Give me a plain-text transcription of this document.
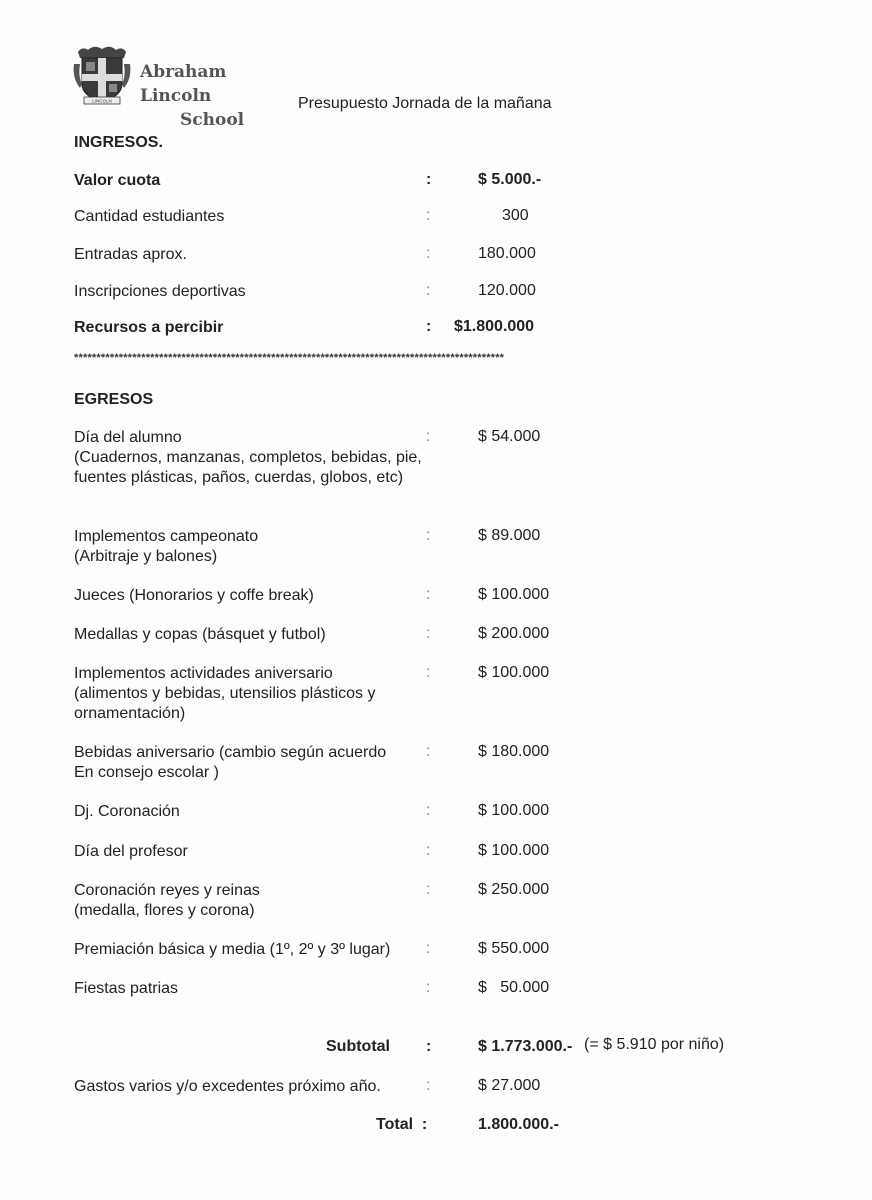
LINCOLN
Abraham Lincoln
School
Presupuesto Jornada de la mañana
INGRESOS.
Valor cuota	:	$ 5.000.-
Cantidad estudiantes	:	300
Entradas aprox.	:	180.000
Inscripciones deportivas	:	120.000
Recursos a percibir	: $1.800.000
************************************************************************************************
EGRESOS
Día del alumno
(Cuadernos, manzanas, completos, bebidas, pie, fuentes plásticas, paños, cuerdas, globos, etc)
:	$ 54.000
Implementos campeonato
(Arbitraje y balones)
:	$ 89.000
Jueces (Honorarios y coffe break)	:	$ 100.000
Medallas y copas (básquet y futbol)	:	$ 200.000
Implementos actividades aniversario
(alimentos y bebidas, utensilios plásticos y ornamentación)
:	$ 100.000
Bebidas aniversario (cambio según acuerdo
En consejo escolar )
:	$ 180.000
Dj. Coronación	:	$ 100.000
Día del profesor	:	$ 100.000
Coronación reyes y reinas
(medalla, flores y corona)
:	$ 250.000
Premiación básica y media (1º, 2º y 3º lugar)	:	$ 550.000
Fiestas patrias	:	$   50.000
Subtotal :	$ 1.773.000.- (= $ 5.910 por niño)
Gastos varios y/o excedentes próximo año.	:	$ 27.000
Total  :	1.800.000.-
